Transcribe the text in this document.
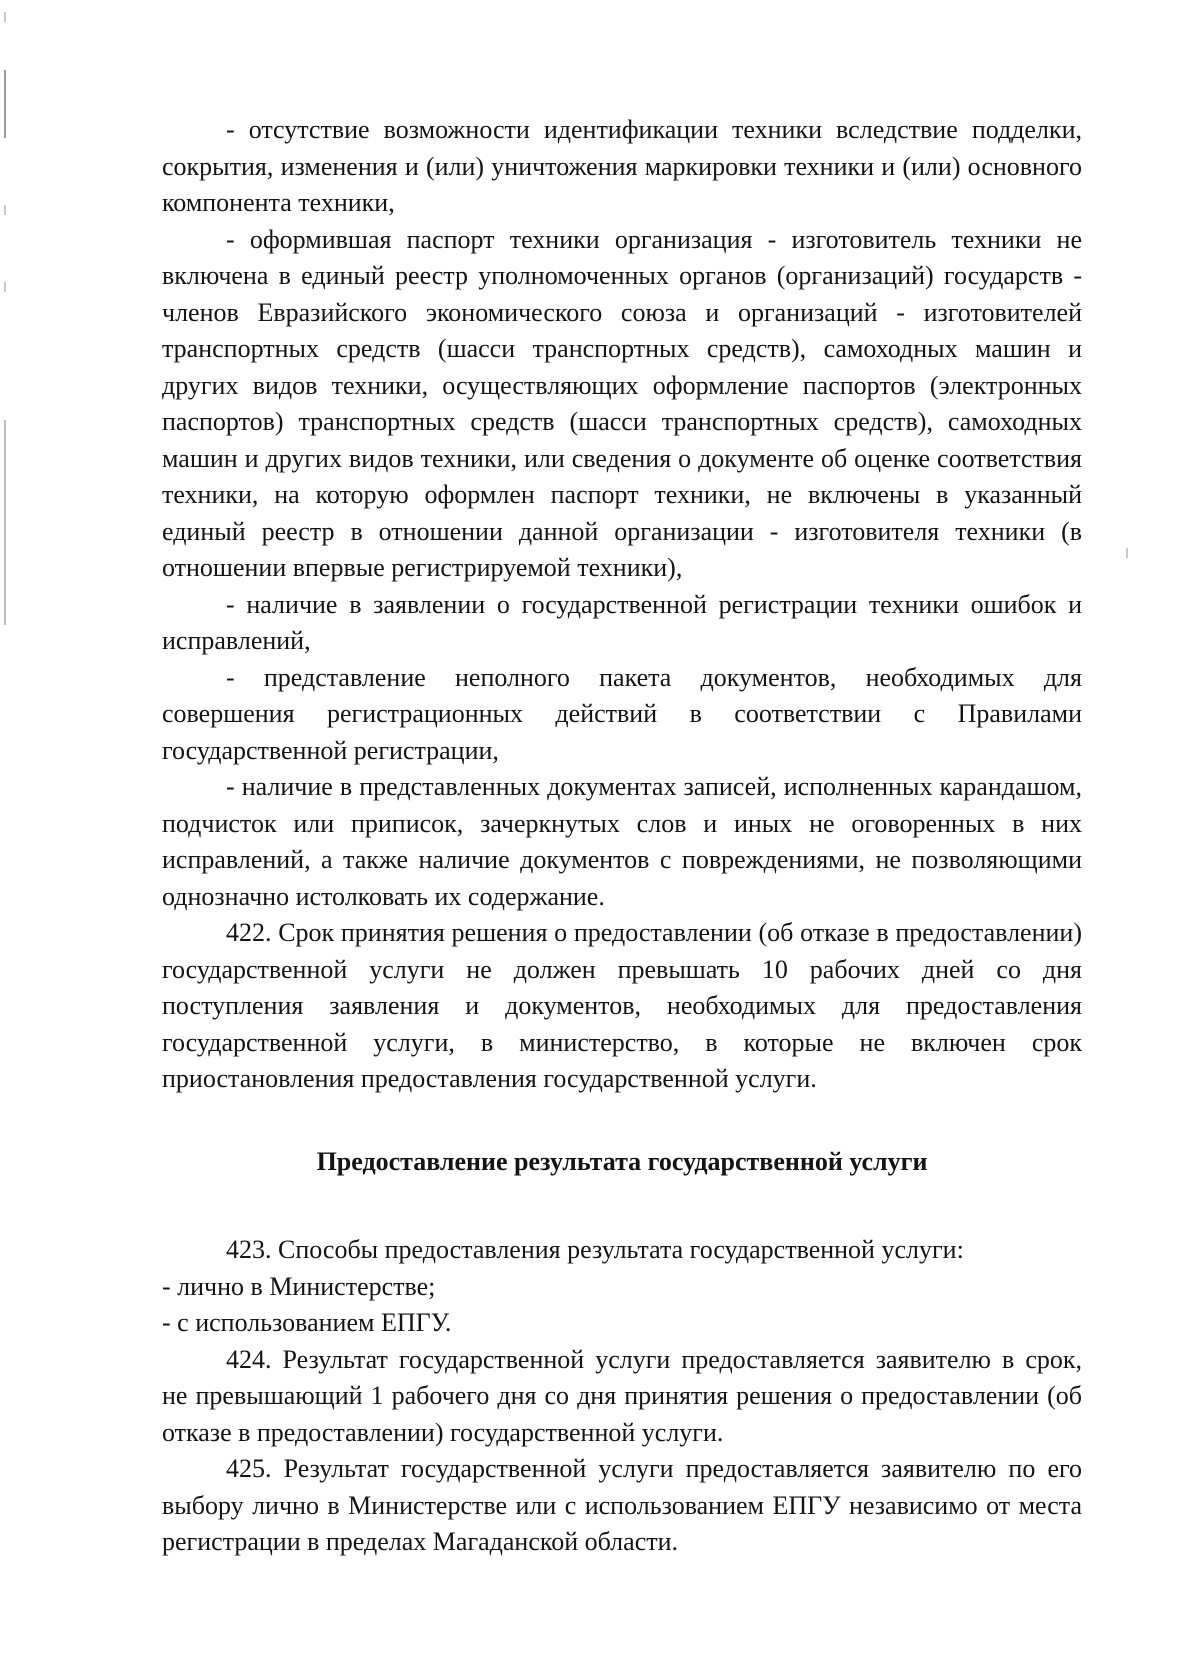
- отсутствие возможности идентификации техники вследствие подделки, сокрытия, изменения и (или) уничтожения маркировки техники и (или) основного компонента техники,

- оформившая паспорт техники организация - изготовитель техники не включена в единый реестр уполномоченных органов (организаций) государств - членов Евразийского экономического союза и организаций - изготовителей транспортных средств (шасси транспортных средств), самоходных машин и других видов техники, осуществляющих оформление паспортов (электронных паспортов) транспортных средств (шасси транспортных средств), самоходных машин и других видов техники, или сведения о документе об оценке соответствия техники, на которую оформлен паспорт техники, не включены в указанный единый реестр в отношении данной организации - изготовителя техники (в отношении впервые регистрируемой техники),

- наличие в заявлении о государственной регистрации техники ошибок и исправлений,

- представление неполного пакета документов, необходимых для совершения регистрационных действий в соответствии с Правилами государственной регистрации,

- наличие в представленных документах записей, исполненных карандашом, подчисток или приписок, зачеркнутых слов и иных не оговоренных в них исправлений, а также наличие документов с повреждениями, не позволяющими однозначно истолковать их содержание.

422. Срок принятия решения о предоставлении (об отказе в предоставлении) государственной услуги не должен превышать 10 рабочих дней со дня поступления заявления и документов, необходимых для предоставления государственной услуги, в министерство, в которые не включен срок приостановления предоставления государственной услуги.

Предоставление результата государственной услуги

423. Способы предоставления результата государственной услуги:

- лично в Министерстве;

- с использованием ЕПГУ.

424. Результат государственной услуги предоставляется заявителю в срок, не превышающий 1 рабочего дня со дня принятия решения о предоставлении (об отказе в предоставлении) государственной услуги.

425. Результат государственной услуги предоставляется заявителю по его выбору лично в Министерстве или с использованием ЕПГУ независимо от места регистрации в пределах Магаданской области.
